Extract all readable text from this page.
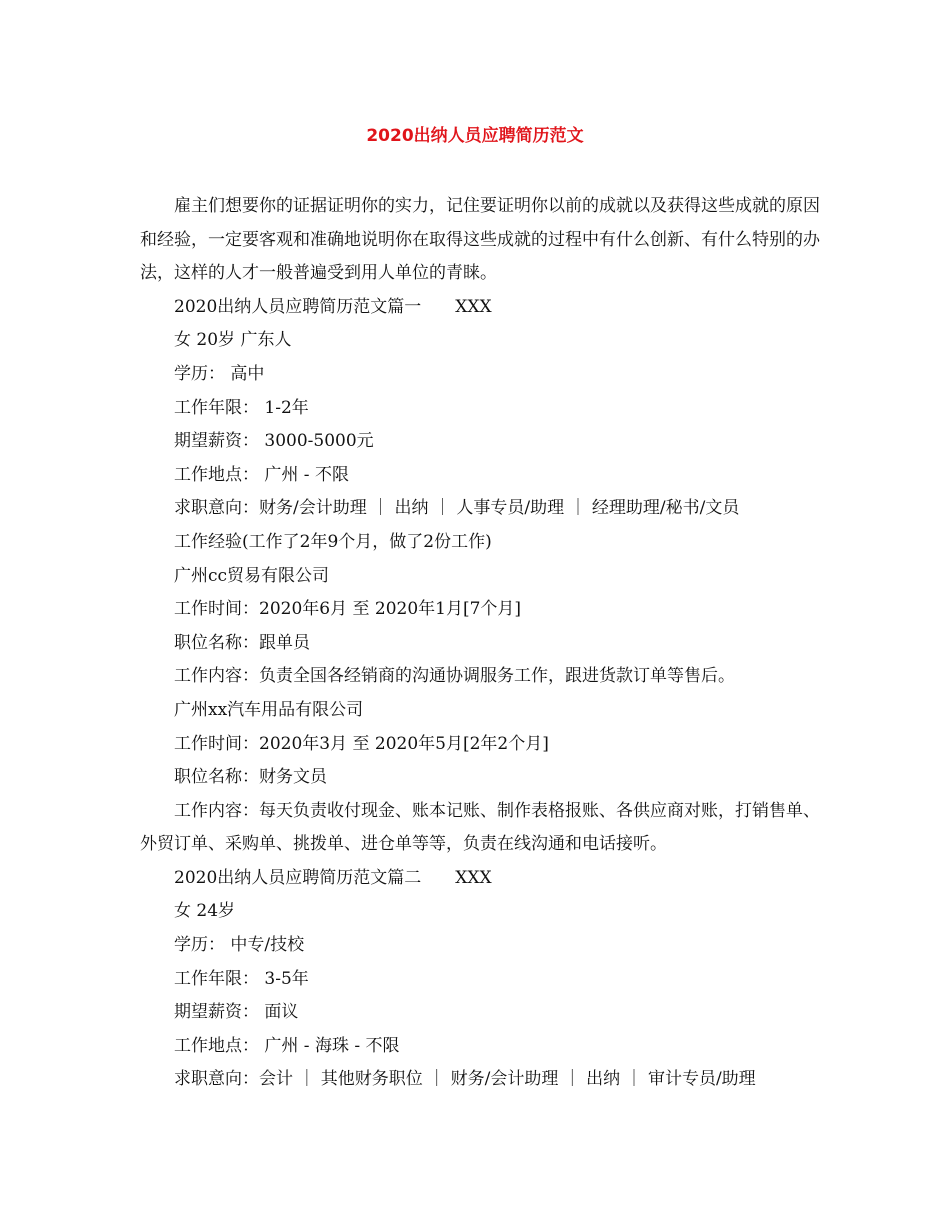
2020出纳人员应聘简历范文

雇主们想要你的证据证明你的实力，记住要证明你以前的成就以及获得这些成就的原因和经验，一定要客观和准确地说明你在取得这些成就的过程中有什么创新、有什么特别的办法，这样的人才一般普遍受到用人单位的青睐。

2020出纳人员应聘简历范文篇一　　XXX

女 20岁 广东人

学历： 高中

工作年限： 1-2年

期望薪资： 3000-5000元

工作地点： 广州 - 不限

求职意向：财务/会计助理 ｜ 出纳 ｜ 人事专员/助理 ｜ 经理助理/秘书/文员

工作经验(工作了2年9个月，做了2份工作)

广州cc贸易有限公司

工作时间：2020年6月 至 2020年1月[7个月]

职位名称：跟单员

工作内容：负责全国各经销商的沟通协调服务工作，跟进货款订单等售后。

广州xx汽车用品有限公司

工作时间：2020年3月 至 2020年5月[2年2个月]

职位名称：财务文员

工作内容：每天负责收付现金、账本记账、制作表格报账、各供应商对账，打销售单、外贸订单、采购单、挑拨单、进仓单等等，负责在线沟通和电话接听。

2020出纳人员应聘简历范文篇二　　XXX

女 24岁

学历： 中专/技校

工作年限： 3-5年

期望薪资： 面议

工作地点： 广州 - 海珠 - 不限

求职意向：会计 ｜ 其他财务职位 ｜ 财务/会计助理 ｜ 出纳 ｜ 审计专员/助理
